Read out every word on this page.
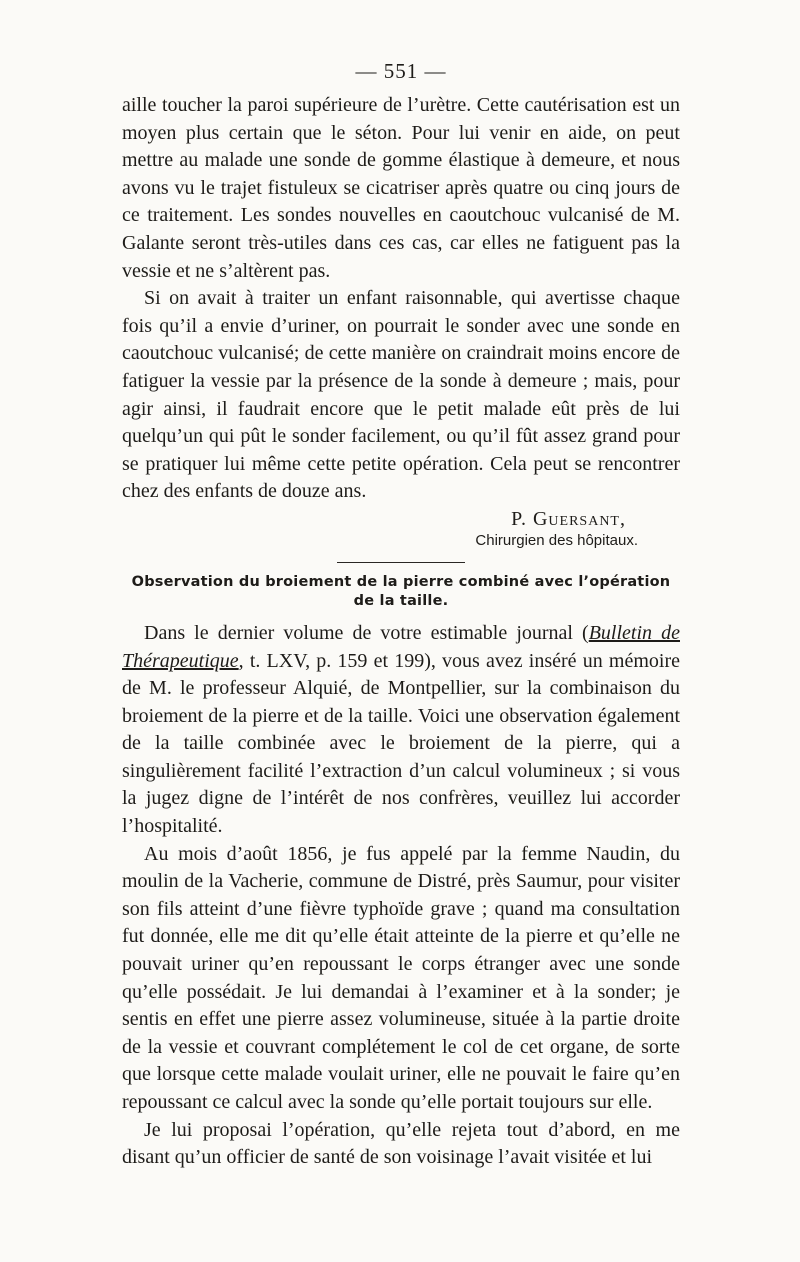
— 551 —

aille toucher la paroi supérieure de l’urètre. Cette cautérisation est un moyen plus certain que le séton. Pour lui venir en aide, on peut mettre au malade une sonde de gomme élastique à demeure, et nous avons vu le trajet fistuleux se cicatriser après quatre ou cinq jours de ce traitement. Les sondes nouvelles en caoutchouc vulcanisé de M. Galante seront très-utiles dans ces cas, car elles ne fatiguent pas la vessie et ne s’altèrent pas.

Si on avait à traiter un enfant raisonnable, qui avertisse chaque fois qu’il a envie d’uriner, on pourrait le sonder avec une sonde en caoutchouc vulcanisé; de cette manière on craindrait moins encore de fatiguer la vessie par la présence de la sonde à demeure ; mais, pour agir ainsi, il faudrait encore que le petit malade eût près de lui quelqu’un qui pût le sonder facilement, ou qu’il fût assez grand pour se pratiquer lui même cette petite opération. Cela peut se rencontrer chez des enfants de douze ans.

P. Guersant,
Chirurgien des hôpitaux.
Observation du broiement de la pierre combiné avec l’opération
de la taille.

Dans le dernier volume de votre estimable journal (Bulletin de Thérapeutique, t. LXV, p. 159 et 199), vous avez inséré un mémoire de M. le professeur Alquié, de Montpellier, sur la combinaison du broiement de la pierre et de la taille. Voici une observation également de la taille combinée avec le broiement de la pierre, qui a singulièrement facilité l’extraction d’un calcul volumineux ; si vous la jugez digne de l’intérêt de nos confrères, veuillez lui accorder l’hospitalité.

Au mois d’août 1856, je fus appelé par la femme Naudin, du moulin de la Vacherie, commune de Distré, près Saumur, pour visiter son fils atteint d’une fièvre typhoïde grave ; quand ma consultation fut donnée, elle me dit qu’elle était atteinte de la pierre et qu’elle ne pouvait uriner qu’en repoussant le corps étranger avec une sonde qu’elle possédait. Je lui demandai à l’examiner et à la sonder; je sentis en effet une pierre assez volumineuse, située à la partie droite de la vessie et couvrant complétement le col de cet organe, de sorte que lorsque cette malade voulait uriner, elle ne pouvait le faire qu’en repoussant ce calcul avec la sonde qu’elle portait toujours sur elle.

Je lui proposai l’opération, qu’elle rejeta tout d’abord, en me disant qu’un officier de santé de son voisinage l’avait visitée et lui
